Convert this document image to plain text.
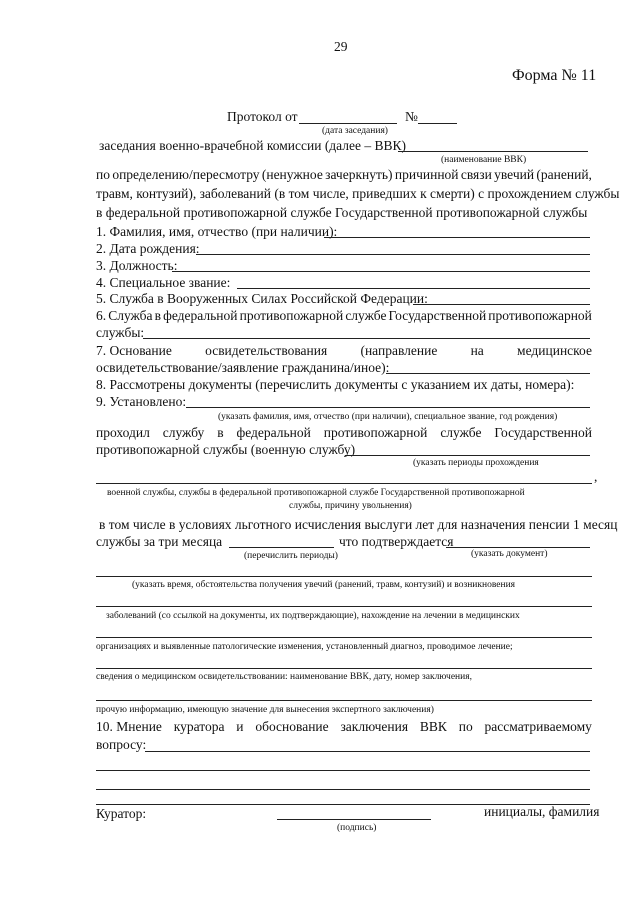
29
Форма № 11
Протокол от	№
(дата заседания)
заседания военно-врачебной комиссии (далее – ВВК)
(наименование ВВК)
по определению/пересмотру (ненужное зачеркнуть) причинной связи увечий (ранений,
травм, контузий), заболеваний (в том числе, приведших к смерти) с прохождением службы
в федеральной противопожарной службе Государственной противопожарной службы
1. Фамилия, имя, отчество (при наличии):
2. Дата рождения:
3. Должность:
4. Специальное звание:
5. Служба в Вооруженных Силах Российской Федерации:
6. Служба в федеральной противопожарной службе Государственной противопожарной
службы:
7. Основание освидетельствования (направление на медицинское
освидетельствование/заявление гражданина/иное):
8. Рассмотрены документы (перечислить документы с указанием их даты, номера):
9. Установлено:
(указать фамилия, имя, отчество (при наличии), специальное звание, год рождения)
проходил службу в федеральной противопожарной службе Государственной
противопожарной службы (военную службу)
(указать периоды прохождения
,
военной службы, службы в федеральной противопожарной службе Государственной противопожарной
службы, причину увольнения)
в том числе в условиях льготного исчисления выслуги лет для назначения пенсии 1 месяц
службы за три месяца	что подтверждается
(перечислить периоды)	(указать документ)
(указать время, обстоятельства получения увечий (ранений, травм, контузий) и возникновения
заболеваний (со ссылкой на документы, их подтверждающие), нахождение на лечении в медицинских
организациях и выявленные патологические изменения, установленный диагноз, проводимое лечение;
сведения о медицинском освидетельствовании: наименование ВВК, дату, номер заключения,
прочую информацию, имеющую значение для вынесения экспертного заключения)
10. Мнение куратора и обоснование заключения ВВК по рассматриваемому
вопросу:
Куратор:	инициалы, фамилия
(подпись)
